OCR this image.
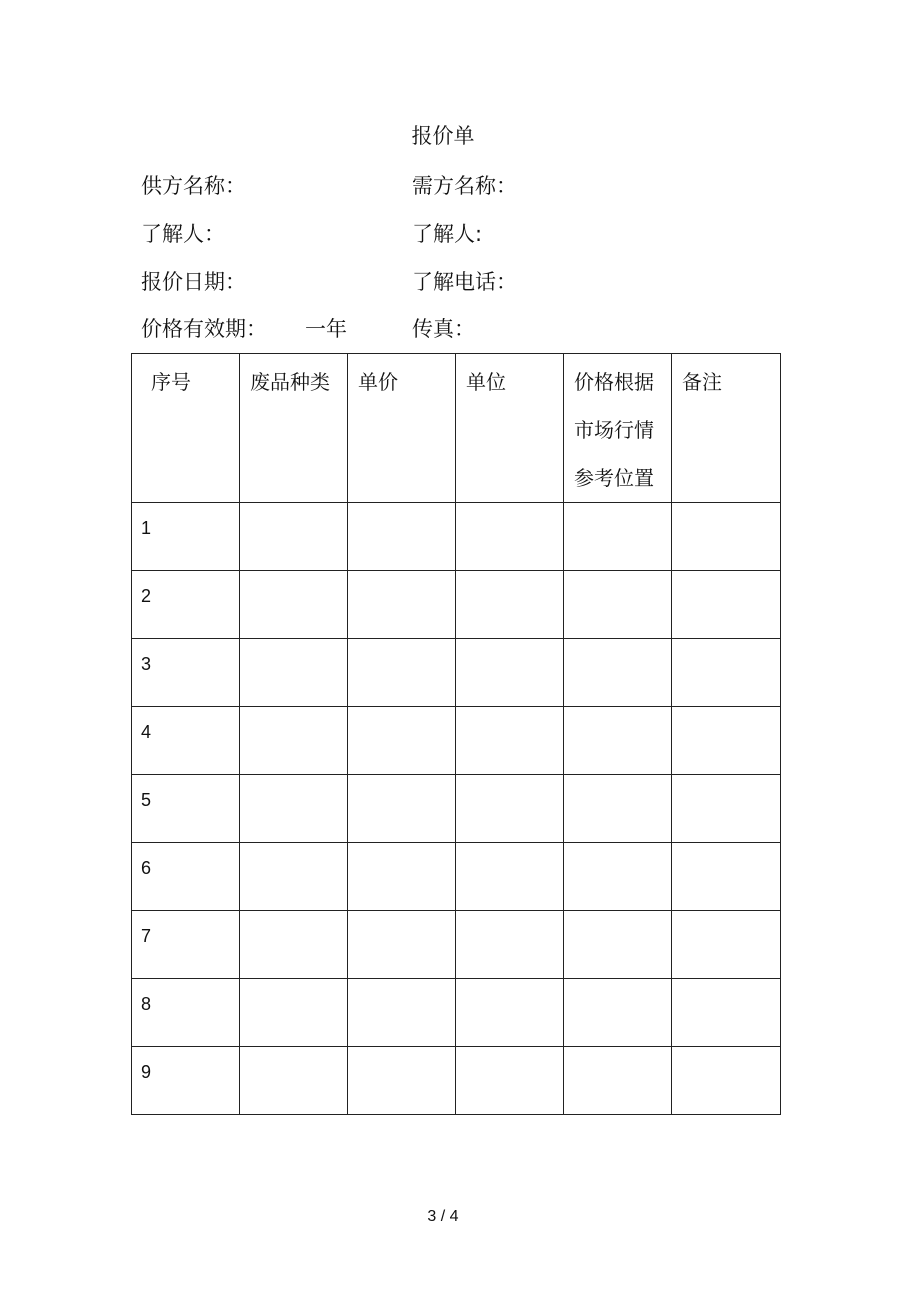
报价单
供方名称：	需方名称：
了解人：	了解人:
报价日期：	了解电话：
价格有效期： 一年	传真：
序号	废品种类	单价	单位	价格根据市场行情参考位置	备注

1					

2					

3					

4					

5					

6					

7					

8					

9					

3 / 4
